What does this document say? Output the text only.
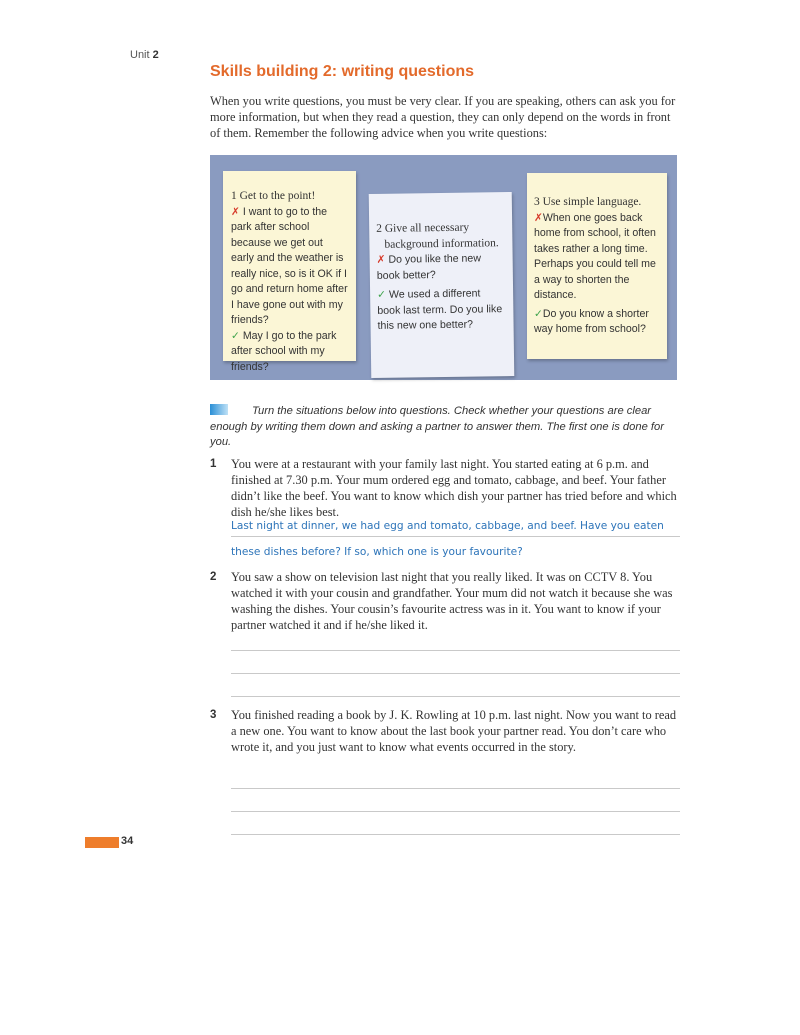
Unit 2
Skills building 2: writing questions

When you write questions, you must be very clear. If you are speaking, others can ask you for more information, but when they read a question, they can only depend on the words in front of them. Remember the following advice when you write questions:

1 Get to the point!
✗ I want to go to the park after school because we get out early and the weather is really nice, so is it OK if I go and return home after I have gone out with my friends?
✓ May I go to the park after school with my friends?
2 Give all necessary
background information.
✗ Do you like the new book better?
✓ We used a different book last term. Do you like this new one better?
3 Use simple language.
✗When one goes back home from school, it often takes rather a long time. Perhaps you could tell me a way to shorten the distance.
✓Do you know a shorter way home from school?

Turn the situations below into questions. Check whether your questions are clear enough by writing them down and asking a partner to answer them. The first one is done for you.

1 You were at a restaurant with your family last night. You started eating at 6 p.m. and finished at 7.30 p.m. Your mum ordered egg and tomato, cabbage, and beef. Your father didn’t like the beef. You want to know which dish your partner has tried before and which dish he/she likes best.

Last night at dinner, we had egg and tomato, cabbage, and beef. Have you eaten
these dishes before? If so, which one is your favourite?
2 You saw a show on television last night that you really liked. It was on CCTV 8. You watched it with your cousin and grandfather. Your mum did not watch it because she was washing the dishes. Your cousin’s favourite actress was in it. You want to know if your partner watched it and if he/she liked it.

3 You finished reading a book by J. K. Rowling at 10 p.m. last night. Now you want to read a new one. You want to know about the last book your partner read. You don’t care who wrote it, and you just want to know what events occurred in the story.

34
